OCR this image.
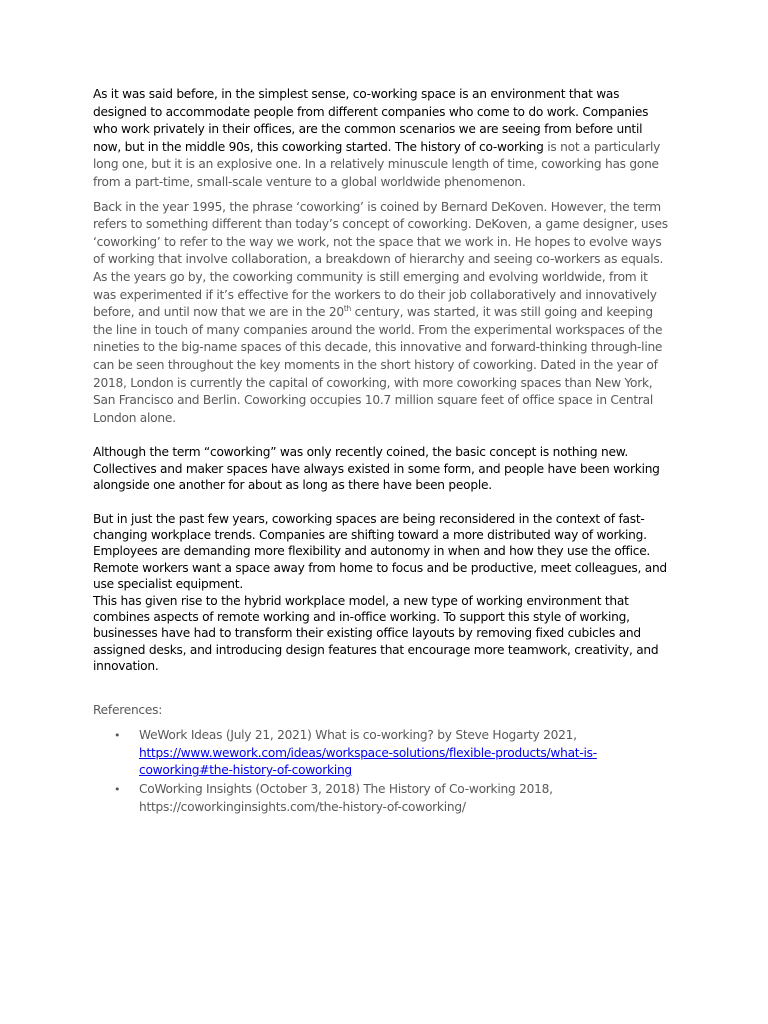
As it was said before, in the simplest sense, co-working space is an environment that was designed to accommodate people from different companies who come to do work. Companies who work privately in their offices, are the common scenarios we are seeing from before until now, but in the middle 90s, this coworking started. The history of co-working is not a particularly long one, but it is an explosive one. In a relatively minuscule length of time, coworking has gone from a part-time, small-scale venture to a global worldwide phenomenon.

Back in the year 1995, the phrase ‘coworking’ is coined by Bernard DeKoven. However, the term refers to something different than today’s concept of coworking. DeKoven, a game designer, uses ‘coworking’ to refer to the way we work, not the space that we work in. He hopes to evolve ways of working that involve collaboration, a breakdown of hierarchy and seeing co-workers as equals. As the years go by, the coworking community is still emerging and evolving worldwide, from it was experimented if it’s effective for the workers to do their job collaboratively and innovatively before, and until now that we are in the 20th century, was started, it was still going and keeping the line in touch of many companies around the world. From the experimental workspaces of the nineties to the big-name spaces of this decade, this innovative and forward-thinking through-line can be seen throughout the key moments in the short history of coworking. Dated in the year of 2018, London is currently the capital of coworking, with more coworking spaces than New York, San Francisco and Berlin. Coworking occupies 10.7 million square feet of office space in Central London alone.

Although the term “coworking” was only recently coined, the basic concept is nothing new. Collectives and maker spaces have always existed in some form, and people have been working alongside one another for about as long as there have been people.

But in just the past few years, coworking spaces are being reconsidered in the context of fast-changing workplace trends. Companies are shifting toward a more distributed way of working. Employees are demanding more flexibility and autonomy in when and how they use the office. Remote workers want a space away from home to focus and be productive, meet colleagues, and use specialist equipment.

This has given rise to the hybrid workplace model, a new type of working environment that combines aspects of remote working and in-office working. To support this style of working, businesses have had to transform their existing office layouts by removing fixed cubicles and assigned desks, and introducing design features that encourage more teamwork, creativity, and innovation.

References:

• WeWork Ideas (July 21, 2021) What is co-working? by Steve Hogarty 2021,
https://www.wework.com/ideas/workspace-solutions/flexible-products/what-is-coworking#the-history-of-coworking
• CoWorking Insights (October 3, 2018) The History of Co-working 2018,
https://coworkinginsights.com/the-history-of-coworking/
